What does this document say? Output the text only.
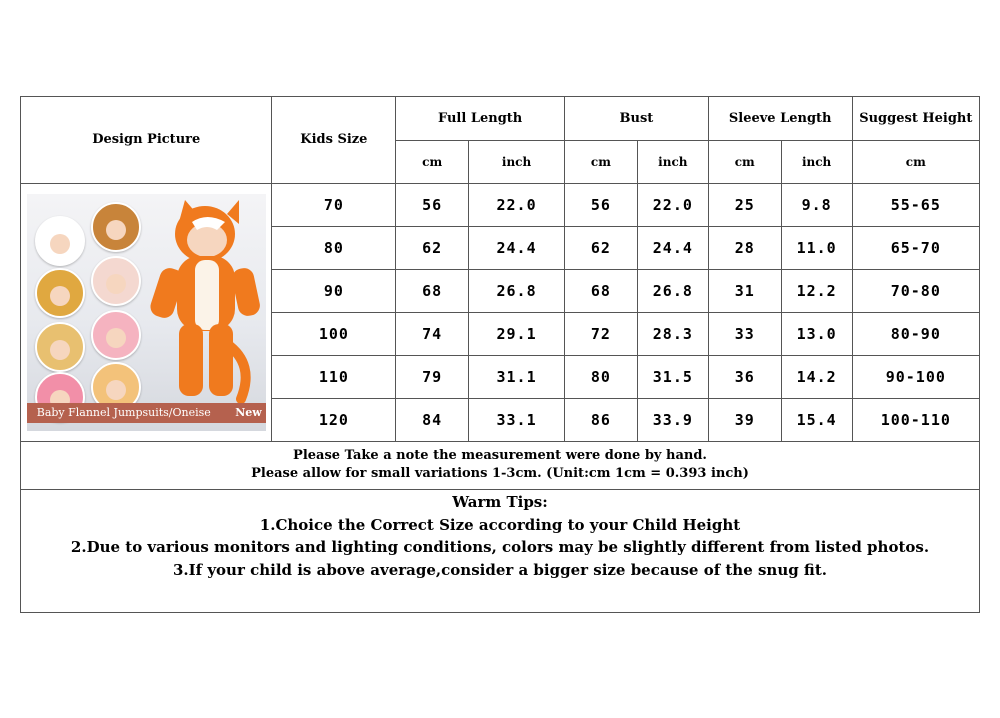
Design Picture	Kids Size	Full Length		Bust		Sleeve Length		Suggest Height
		cm	inch	cm	inch	cm	inch	cm

Baby Flannel Jumpsuits/Oneise New	70	56	22.0	56	22.0	25	9.8	55-65
	80	62	24.4	62	24.4	28	11.0	65-70
	90	68	26.8	68	26.8	31	12.2	70-80
	100	74	29.1	72	28.3	33	13.0	80-90
	110	79	31.1	80	31.5	36	14.2	90-100
	120	84	33.1	86	33.9	39	15.4	100-110
Please Take a note the measurement were done by hand.
Please allow for small variations 1-3cm. (Unit:cm 1cm = 0.393 inch)
Warm Tips:
1.Choice the Correct Size according to your Child Height
2.Due to various monitors and lighting conditions, colors may be slightly different from listed photos.
3.If your child is above average,consider a bigger size because of the snug fit.
